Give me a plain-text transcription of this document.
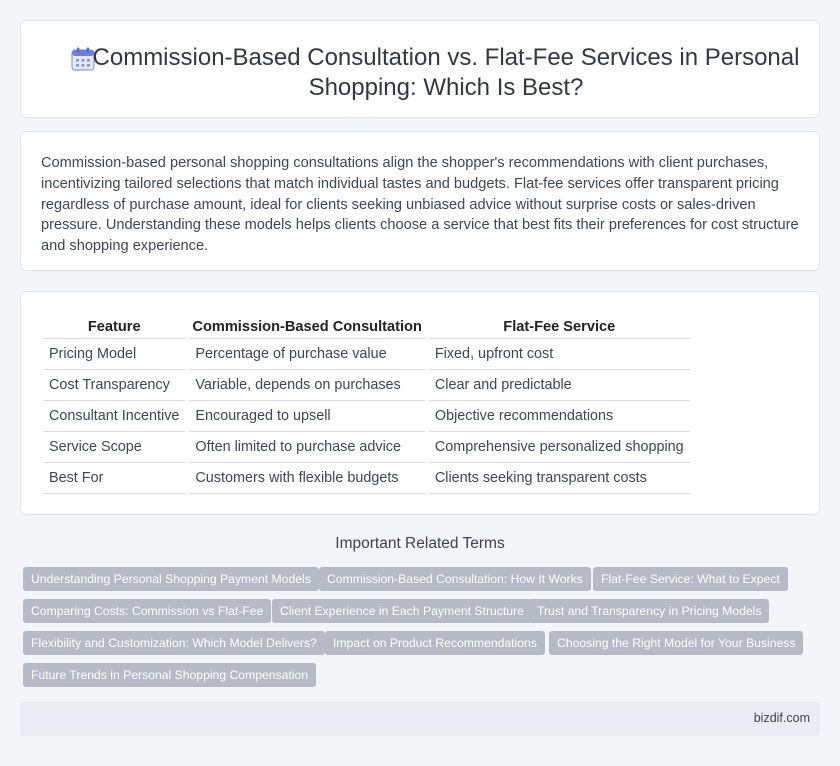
Commission-Based Consultation vs. Flat-Fee Services in Personal Shopping: Which Is Best?

Commission-based personal shopping consultations align the shopper's recommendations with client purchases, incentivizing tailored selections that match individual tastes and budgets. Flat-fee services offer transparent pricing regardless of purchase amount, ideal for clients seeking unbiased advice without surprise costs or sales-driven pressure. Understanding these models helps clients choose a service that best fits their preferences for cost structure and shopping experience.

Feature		Commission-Based Consultation		Flat-Fee Service
Pricing Model		Percentage of purchase value		Fixed, upfront cost
Cost Transparency		Variable, depends on purchases		Clear and predictable
Consultant Incentive		Encouraged to upsell		Objective recommendations
Service Scope		Often limited to purchase advice		Comprehensive personalized shopping
Best For		Customers with flexible budgets		Clients seeking transparent costs
Important Related Terms
Understanding Personal Shopping Payment Models	Commission-Based Consultation: How It Works	Flat-Fee Service: What to Expect
Comparing Costs: Commission vs Flat-Fee	Client Experience in Each Payment Structure	Trust and Transparency in Pricing Models
Flexibility and Customization: Which Model Delivers?	Impact on Product Recommendations	Choosing the Right Model for Your Business
Future Trends in Personal Shopping Compensation
bizdif.com
